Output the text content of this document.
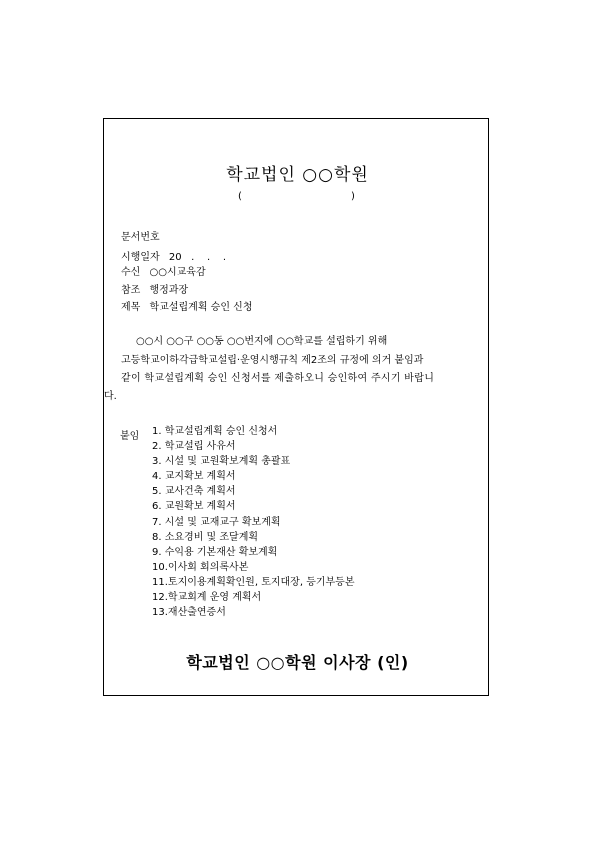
학교법인 ○○학원
(	)
문서번호
시행일자 20   .    .    .
수신 ○○시교육감
참조 행정과장
제목 학교설립계획 승인 신청
○○시 ○○구 ○○동 ○○번지에 ○○학교를 설립하기 위해
고등학교이하각급학교설립·운영시행규칙 제2조의 규정에 의거 붙임과
같이 학교설립계획 승인 신청서를 제출하오니 승인하여 주시기 바랍니
다.
붙임 1. 학교설립계획 승인 신청서
2. 학교설립 사유서
3. 시설 및 교원확보계획 총괄표
4. 교지확보 계획서
5. 교사건축 계획서
6. 교원확보 계획서
7. 시설 및 교재교구 확보계획
8. 소요경비 및 조달계획
9. 수익용 기본재산 확보계획
10.이사회 회의록사본
11.토지이용계획확인원, 토지대장, 등기부등본
12.학교회계 운영 계획서
13.재산출연증서
학교법인 ○○학원 이사장 (인)
